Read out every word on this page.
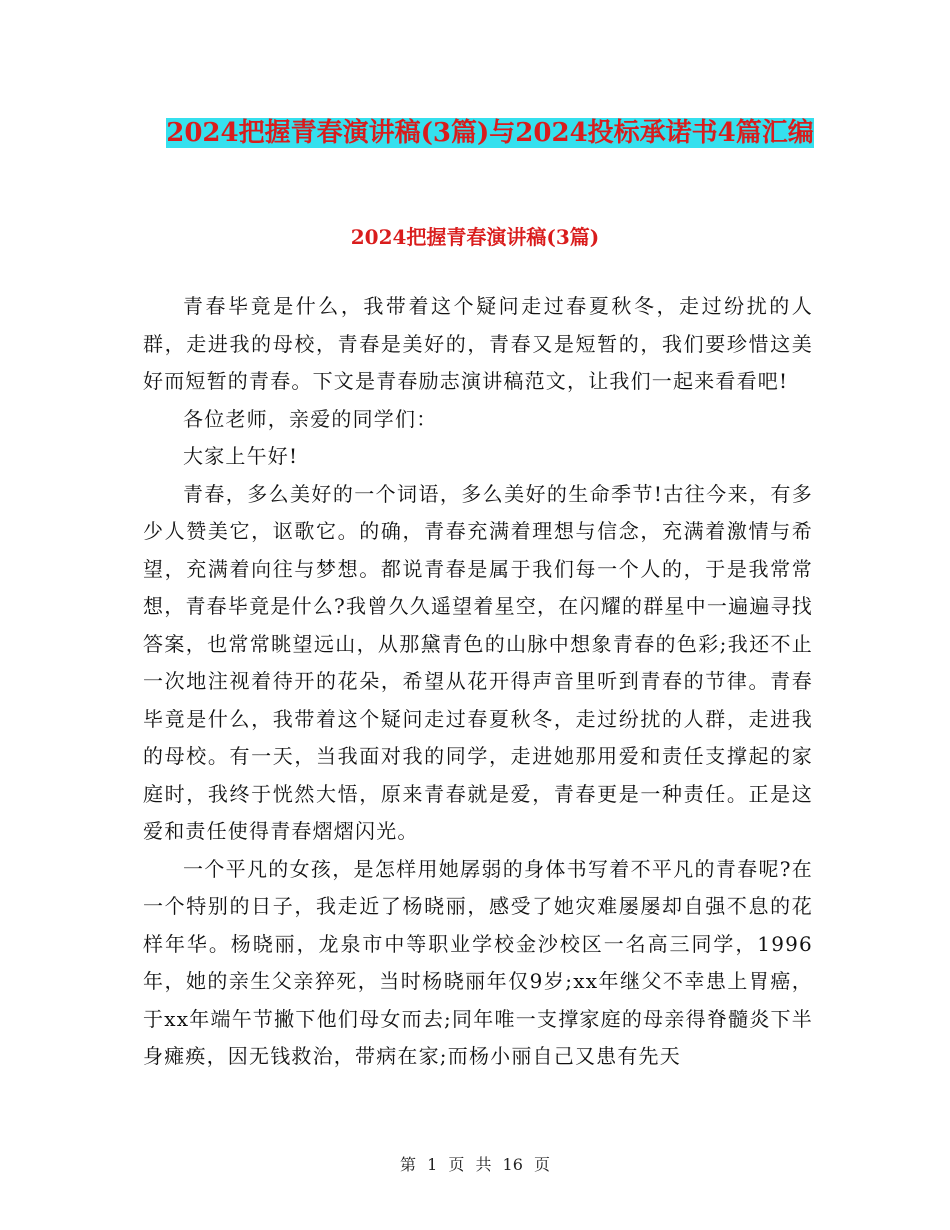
2024把握青春演讲稿(3篇)与2024投标承诺书4篇汇编
2024把握青春演讲稿(3篇)

青春毕竟是什么，我带着这个疑问走过春夏秋冬，走过纷扰的人群，走进我的母校，青春是美好的，青春又是短暂的，我们要珍惜这美好而短暂的青春。下文是青春励志演讲稿范文，让我们一起来看看吧!

各位老师，亲爱的同学们：

大家上午好!

青春，多么美好的一个词语，多么美好的生命季节!古往今来，有多少人赞美它，讴歌它。的确，青春充满着理想与信念，充满着激情与希望，充满着向往与梦想。都说青春是属于我们每一个人的，于是我常常想，青春毕竟是什么?我曾久久遥望着星空，在闪耀的群星中一遍遍寻找答案，也常常眺望远山，从那黛青色的山脉中想象青春的色彩;我还不止一次地注视着待开的花朵，希望从花开得声音里听到青春的节律。青春毕竟是什么，我带着这个疑问走过春夏秋冬，走过纷扰的人群，走进我的母校。有一天，当我面对我的同学，走进她那用爱和责任支撑起的家庭时，我终于恍然大悟，原来青春就是爱，青春更是一种责任。正是这爱和责任使得青春熠熠闪光。

一个平凡的女孩，是怎样用她孱弱的身体书写着不平凡的青春呢?在一个特别的日子，我走近了杨晓丽，感受了她灾难屡屡却自强不息的花样年华。杨晓丽，龙泉市中等职业学校金沙校区一名高三同学，1996年，她的亲生父亲猝死，当时杨晓丽年仅9岁;xx年继父不幸患上胃癌，于xx年端午节撇下他们母女而去;同年唯一支撑家庭的母亲得脊髓炎下半身瘫痪，因无钱救治，带病在家;而杨小丽自己又患有先天

第 1 页 共 16 页
